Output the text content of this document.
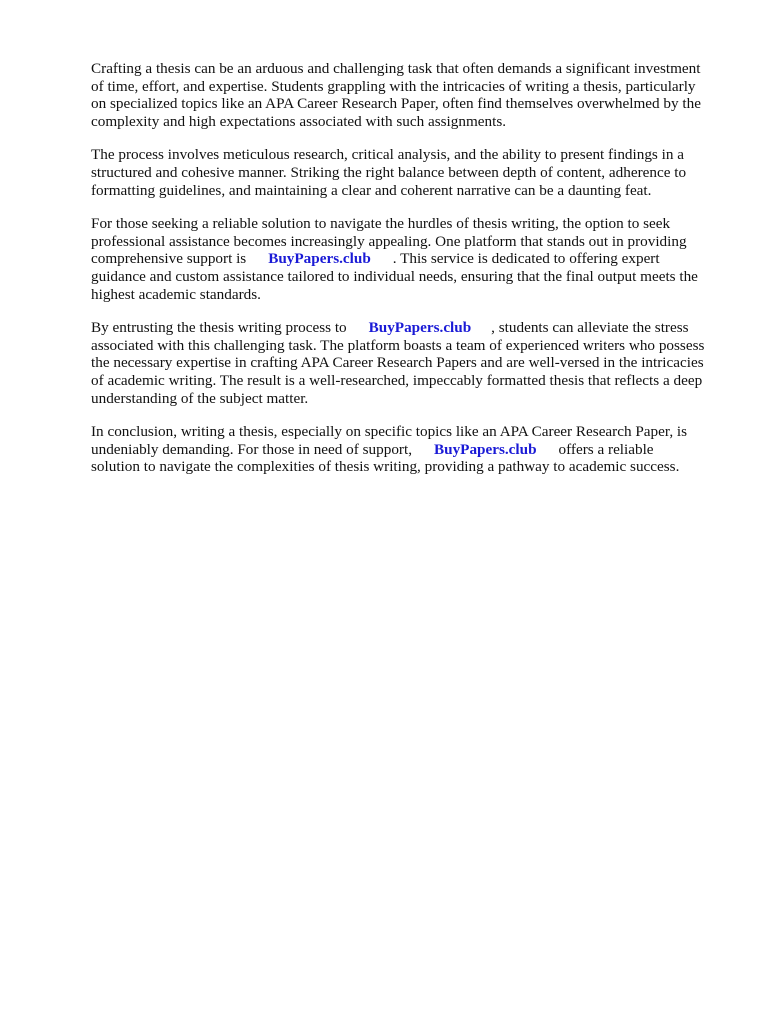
Crafting a thesis can be an arduous and challenging task that often demands a significant investment
of time, effort, and expertise. Students grappling with the intricacies of writing a thesis, particularly
on specialized topics like an APA Career Research Paper, often find themselves overwhelmed by the
complexity and high expectations associated with such assignments.

The process involves meticulous research, critical analysis, and the ability to present findings in a
structured and cohesive manner. Striking the right balance between depth of content, adherence to
formatting guidelines, and maintaining a clear and coherent narrative can be a daunting feat.

For those seeking a reliable solution to navigate the hurdles of thesis writing, the option to seek
professional assistance becomes increasingly appealing. One platform that stands out in providing
comprehensive support is BuyPapers.club . This service is dedicated to offering expert
guidance and custom assistance tailored to individual needs, ensuring that the final output meets the
highest academic standards.

By entrusting the thesis writing process to BuyPapers.club , students can alleviate the stress
associated with this challenging task. The platform boasts a team of experienced writers who possess
the necessary expertise in crafting APA Career Research Papers and are well-versed in the intricacies
of academic writing. The result is a well-researched, impeccably formatted thesis that reflects a deep
understanding of the subject matter.

In conclusion, writing a thesis, especially on specific topics like an APA Career Research Paper, is
undeniably demanding. For those in need of support, BuyPapers.club offers a reliable
solution to navigate the complexities of thesis writing, providing a pathway to academic success.
